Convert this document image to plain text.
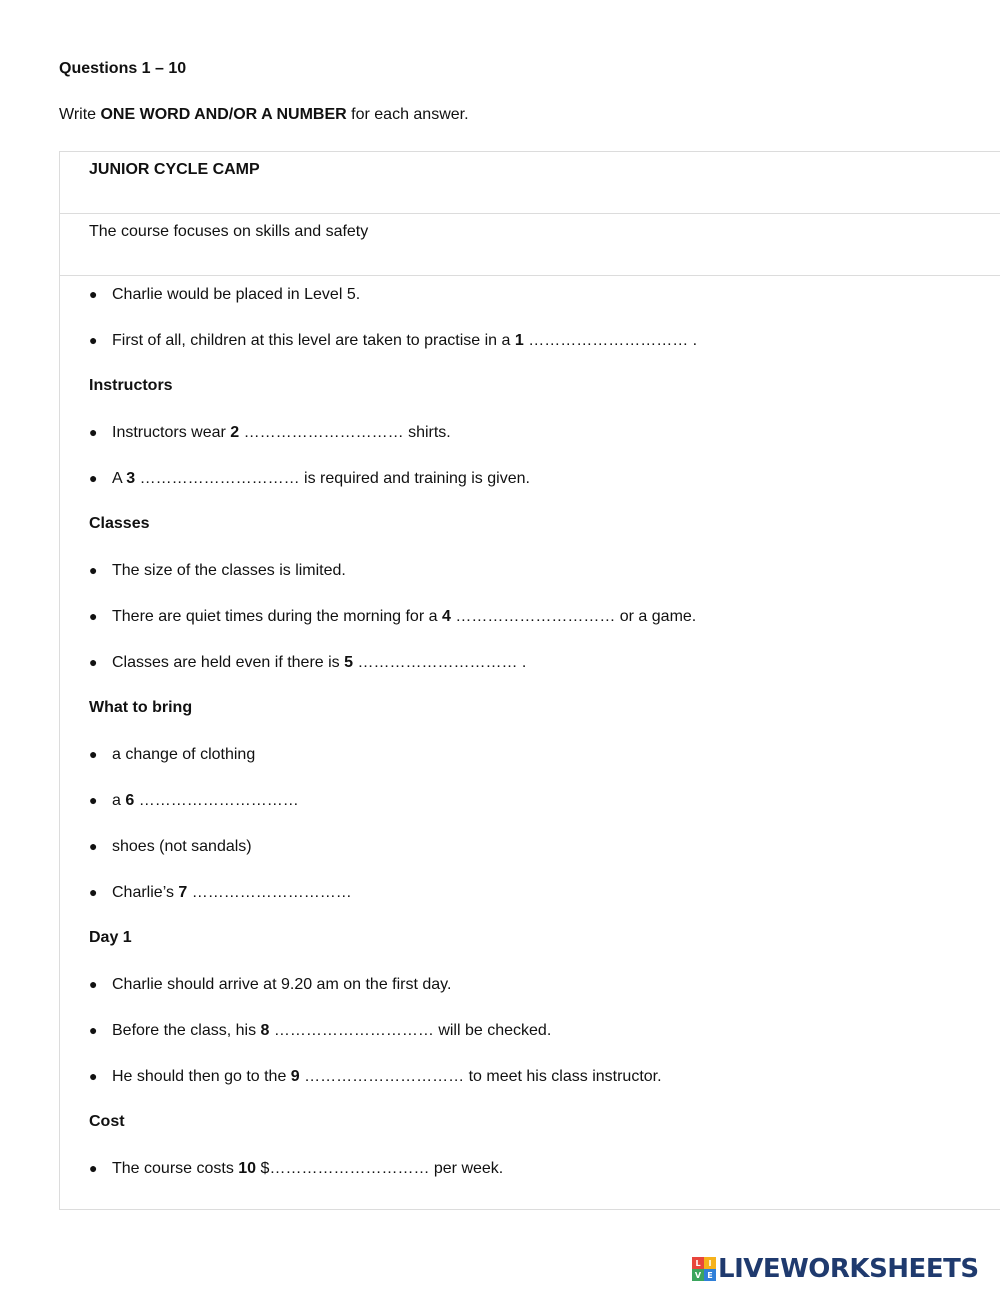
Questions 1 – 10
Write ONE WORD AND/OR A NUMBER for each answer.
JUNIOR CYCLE CAMP
The course focuses on skills and safety
● Charlie would be placed in Level 5.
● First of all, children at this level are taken to practise in a 1 ………………………… .
Instructors
● Instructors wear 2 ………………………… shirts.
● A 3 ………………………… is required and training is given.
Classes
● The size of the classes is limited.
● There are quiet times during the morning for a 4 ………………………… or a game.
● Classes are held even if there is 5 ………………………… .
What to bring
● a change of clothing
● a 6 …………………………
● shoes (not sandals)
● Charlie’s 7 …………………………
Day 1
● Charlie should arrive at 9.20 am on the first day.
● Before the class, his 8 ………………………… will be checked.
● He should then go to the 9 ………………………… to meet his class instructor.
Cost
● The course costs 10 $………………………… per week.
L I
V E LIVEWORKSHEETS
